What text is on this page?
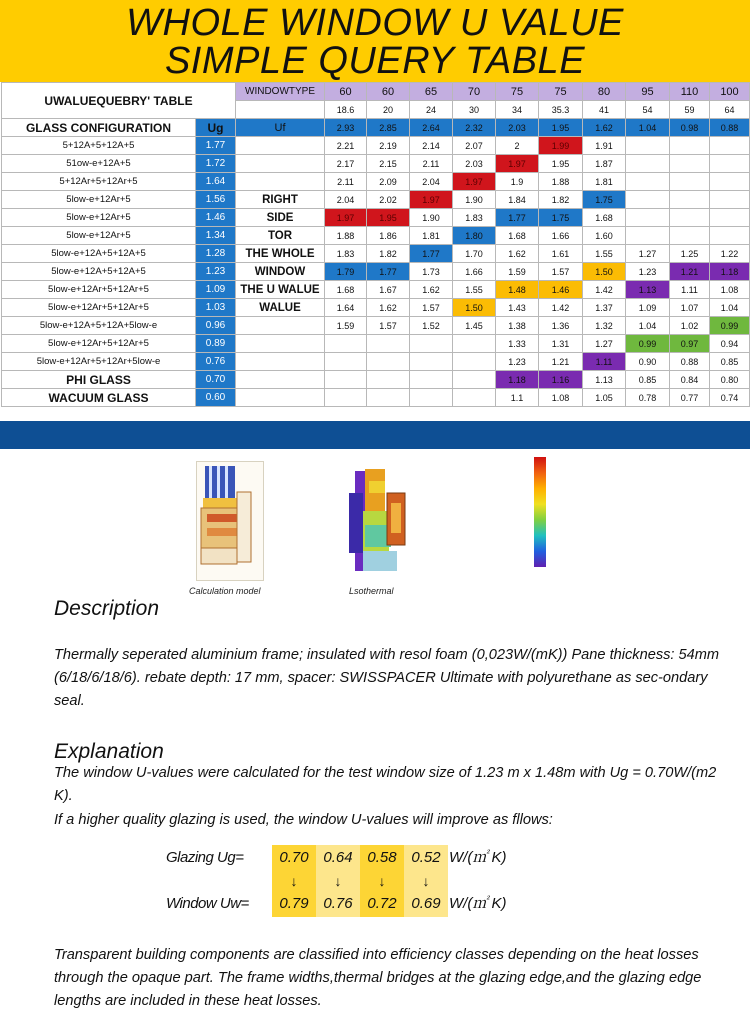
WHOLE WINDOW U VALUE
SIMPLE QUERY TABLE
UWALUEQUEBRY' TABLE		WINDOWTYPE	60	60	65	70	75	75	80	95	110	100
			18.6	20	24	30	34	35.3	41	54	59	64
GLASS CONFIGURATION	Ug	Uf	2.93	2.85	2.64	2.32	2.03	1.95	1.62	1.04	0.98	0.88
5+12A+5+12A+5	1.77		2.21	2.19	2.14	2.07	2	1.99	1.91			
51ow-e+12A+5	1.72		2.17	2.15	2.11	2.03	1.97	1.95	1.87			
5+12Ar+5+12Ar+5	1.64		2.11	2.09	2.04	1.97	1.9	1.88	1.81			
5low-e+12Ar+5	1.56	RIGHT	2.04	2.02	1.97	1.90	1.84	1.82	1.75			
5low-e+12Ar+5	1.46	SIDE	1.97	1.95	1.90	1.83	1.77	1.75	1.68			
5low-e+12Ar+5	1.34	TOR	1.88	1.86	1.81	1.80	1.68	1.66	1.60			
5low-e+12A+5+12A+5	1.28	THE WHOLE	1.83	1.82	1.77	1.70	1.62	1.61	1.55	1.27	1.25	1.22
5low-e+12A+5+12A+5	1.23	WINDOW	1.79	1.77	1.73	1.66	1.59	1.57	1.50	1.23	1.21	1.18
5low-e+12Ar+5+12Ar+5	1.09	THE U WALUE	1.68	1.67	1.62	1.55	1.48	1.46	1.42	1.13	1.11	1.08
5low-e+12Ar+5+12Ar+5	1.03	WALUE	1.64	1.62	1.57	1.50	1.43	1.42	1.37	1.09	1.07	1.04
5low-e+12A+5+12A+5low-e	0.96		1.59	1.57	1.52	1.45	1.38	1.36	1.32	1.04	1.02	0.99
5low-e+12Ar+5+12Ar+5	0.89						1.33	1.31	1.27	0.99	0.97	0.94
5low-e+12Ar+5+12Ar+5low-e	0.76						1.23	1.21	1.11	0.90	0.88	0.85
PHI GLASS	0.70						1.18	1.16	1.13	0.85	0.84	0.80
WACUUM GLASS	0.60						1.1	1.08	1.05	0.78	0.77	0.74
Calculation model	Lsothermal
Description
Thermally seperated aluminium frame; insulated with resol foam (0,023W/(mK)) Pane thickness: 54mm (6/18/6/18/6). rebate depth: 17 mm, spacer: SWISSPACER Ultimate with polyurethane as sec-ondary seal.
Explanation
The window U-values were calculated for the test window size of 1.23 m x 1.48m with Ug = 0.70W/(m2 K).
If a higher quality glazing is used, the window U-values will improve as fllows:
Glazing Ug=	0.70 0.64 0.58 0.52 W/(㎡ K)
↓	↓	↓	↓
Window Uw=	0.79 0.76 0.72 0.69 W/(㎡ K)
Transparent building components are classified into efficiency classes depending on the heat losses through the opaque part. The frame widths,thermal bridges at the glazing edge,and the glazing edge lengths are included in these heat losses.
